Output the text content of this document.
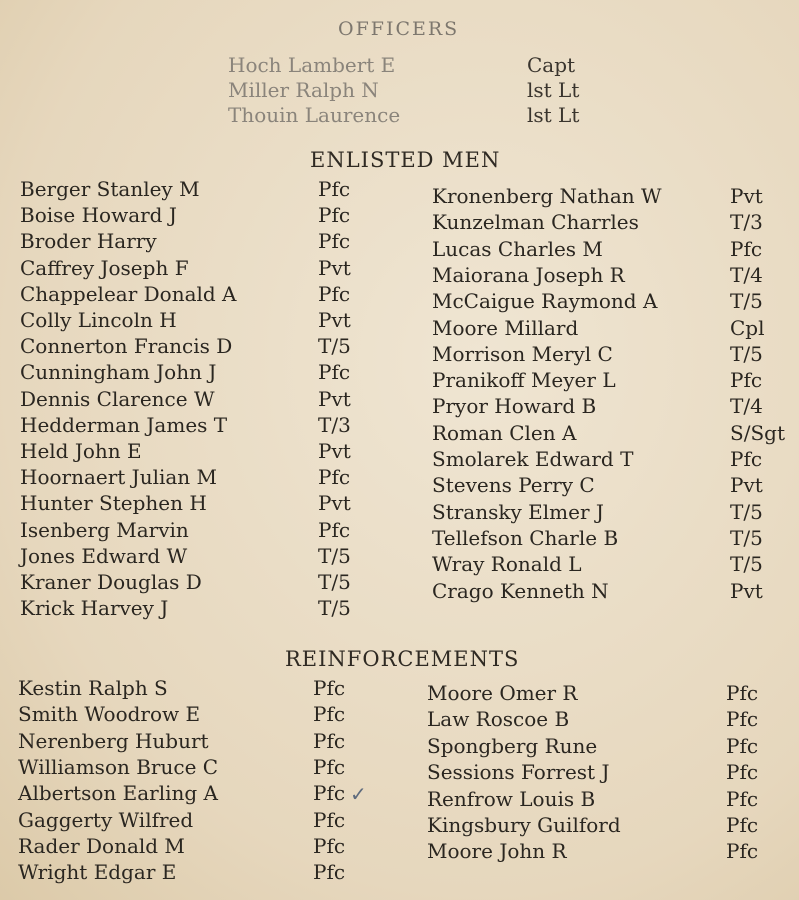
OFFICERS
Hoch Lambert E	Capt
Miller Ralph N	lst Lt
Thouin Laurence	lst Lt
ENLISTED MEN
Berger Stanley M	Pfc
Boise Howard J	Pfc
Broder Harry	Pfc
Caffrey Joseph F	Pvt
Chappelear Donald A	Pfc
Colly Lincoln H	Pvt
Connerton Francis D	T/5
Cunningham John J	Pfc
Dennis Clarence W	Pvt
Hedderman James T	T/3
Held John E	Pvt
Hoornaert Julian M	Pfc
Hunter Stephen H	Pvt
Isenberg Marvin	Pfc
Jones Edward W	T/5
Kraner Douglas D	T/5
Krick Harvey J	T/5
Kronenberg Nathan W	Pvt
Kunzelman Charrles	T/3
Lucas Charles M	Pfc
Maiorana Joseph R	T/4
McCaigue Raymond A	T/5
Moore Millard	Cpl
Morrison Meryl C	T/5
Pranikoff Meyer L	Pfc
Pryor Howard B	T/4
Roman Clen A	S/Sgt
Smolarek Edward T	Pfc
Stevens Perry C	Pvt
Stransky Elmer J	T/5
Tellefson Charle B	T/5
Wray Ronald L	T/5
Crago Kenneth N	Pvt
REINFORCEMENTS
Kestin Ralph S	Pfc
Smith Woodrow E	Pfc
Nerenberg Huburt	Pfc
Williamson Bruce C	Pfc
Albertson Earling A	Pfc
Gaggerty Wilfred	Pfc
Rader Donald M	Pfc
Wright Edgar E	Pfc
Moore Omer R	Pfc
Law Roscoe B	Pfc
Spongberg Rune	Pfc
Sessions Forrest J	Pfc
Renfrow Louis B	Pfc
Kingsbury Guilford	Pfc
Moore John R	Pfc
✓
